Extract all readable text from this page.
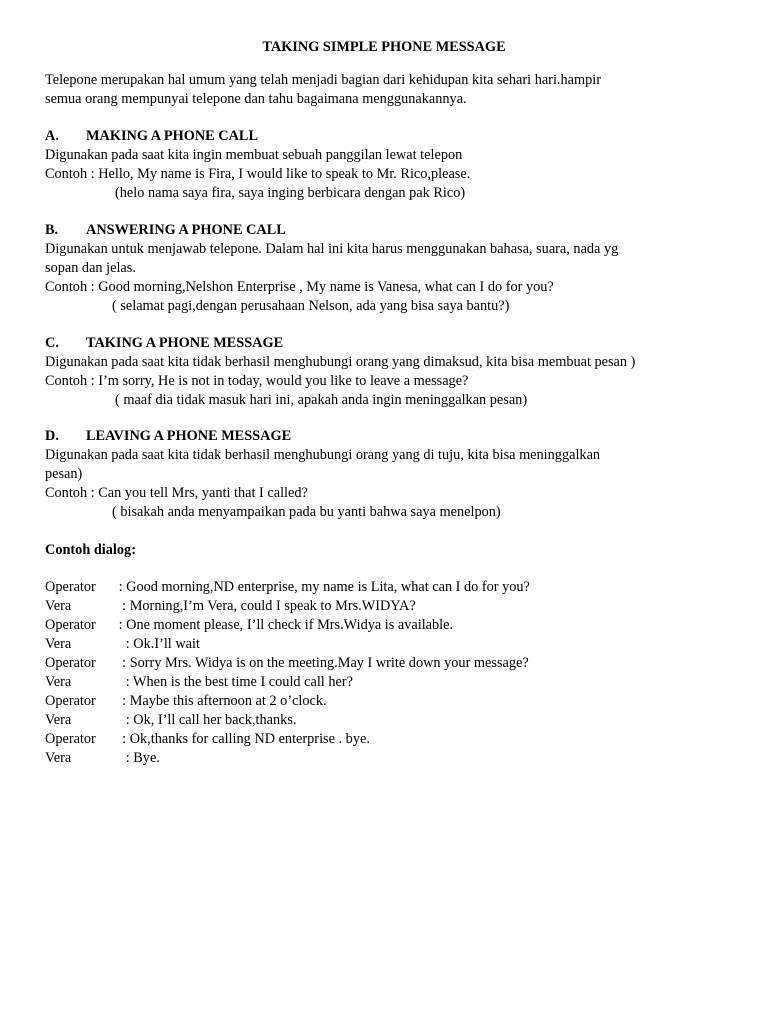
TAKING SIMPLE PHONE MESSAGE

Telepone merupakan hal umum yang telah menjadi bagian dari kehidupan kita sehari hari.hampir

semua orang mempunyai telepone dan tahu bagaimana menggunakannya.

A. MAKING A PHONE CALL

Digunakan pada saat kita ingin membuat sebuah panggilan lewat telepon

Contoh : Hello, My name is Fira, I would like to speak to Mr. Rico,please.

(helo nama saya fira, saya inging berbicara dengan pak Rico)

B. ANSWERING A PHONE CALL

Digunakan untuk menjawab telepone. Dalam hal ini kita harus menggunakan bahasa, suara, nada yg

sopan dan jelas.

Contoh : Good morning,Nelshon Enterprise , My name is Vanesa, what can I do for you?

( selamat pagi,dengan perusahaan Nelson, ada yang bisa saya bantu?)

C. TAKING A PHONE MESSAGE

Digunakan pada saat kita tidak berhasil menghubungi orang yang dimaksud, kita bisa membuat pesan )

Contoh : I’m sorry, He is not in today, would you like to leave a message?

( maaf dia tidak masuk hari ini, apakah anda ingin meninggalkan pesan)

D. LEAVING A PHONE MESSAGE

Digunakan pada saat kita tidak berhasil menghubungi orang yang di tuju, kita bisa meninggalkan

pesan)

Contoh : Can you tell Mrs, yanti that I called?

( bisakah anda menyampaikan pada bu yanti bahwa saya menelpon)

Contoh dialog:

Operator	: Good morning,ND enterprise, my name is Lita, what can I do for you?
Vera	: Morning,I’m Vera, could I speak to Mrs.WIDYA?
Operator	: One moment please, I’ll check if Mrs.Widya is available.
Vera	: Ok.I’ll wait
Operator	: Sorry Mrs. Widya is on the meeting.May I write down your message?
Vera	: When is the best time I could call her?
Operator	: Maybe this afternoon at 2 o’clock.
Vera	: Ok, I’ll call her back,thanks.
Operator	: Ok,thanks for calling ND enterprise . bye.
Vera	: Bye.
